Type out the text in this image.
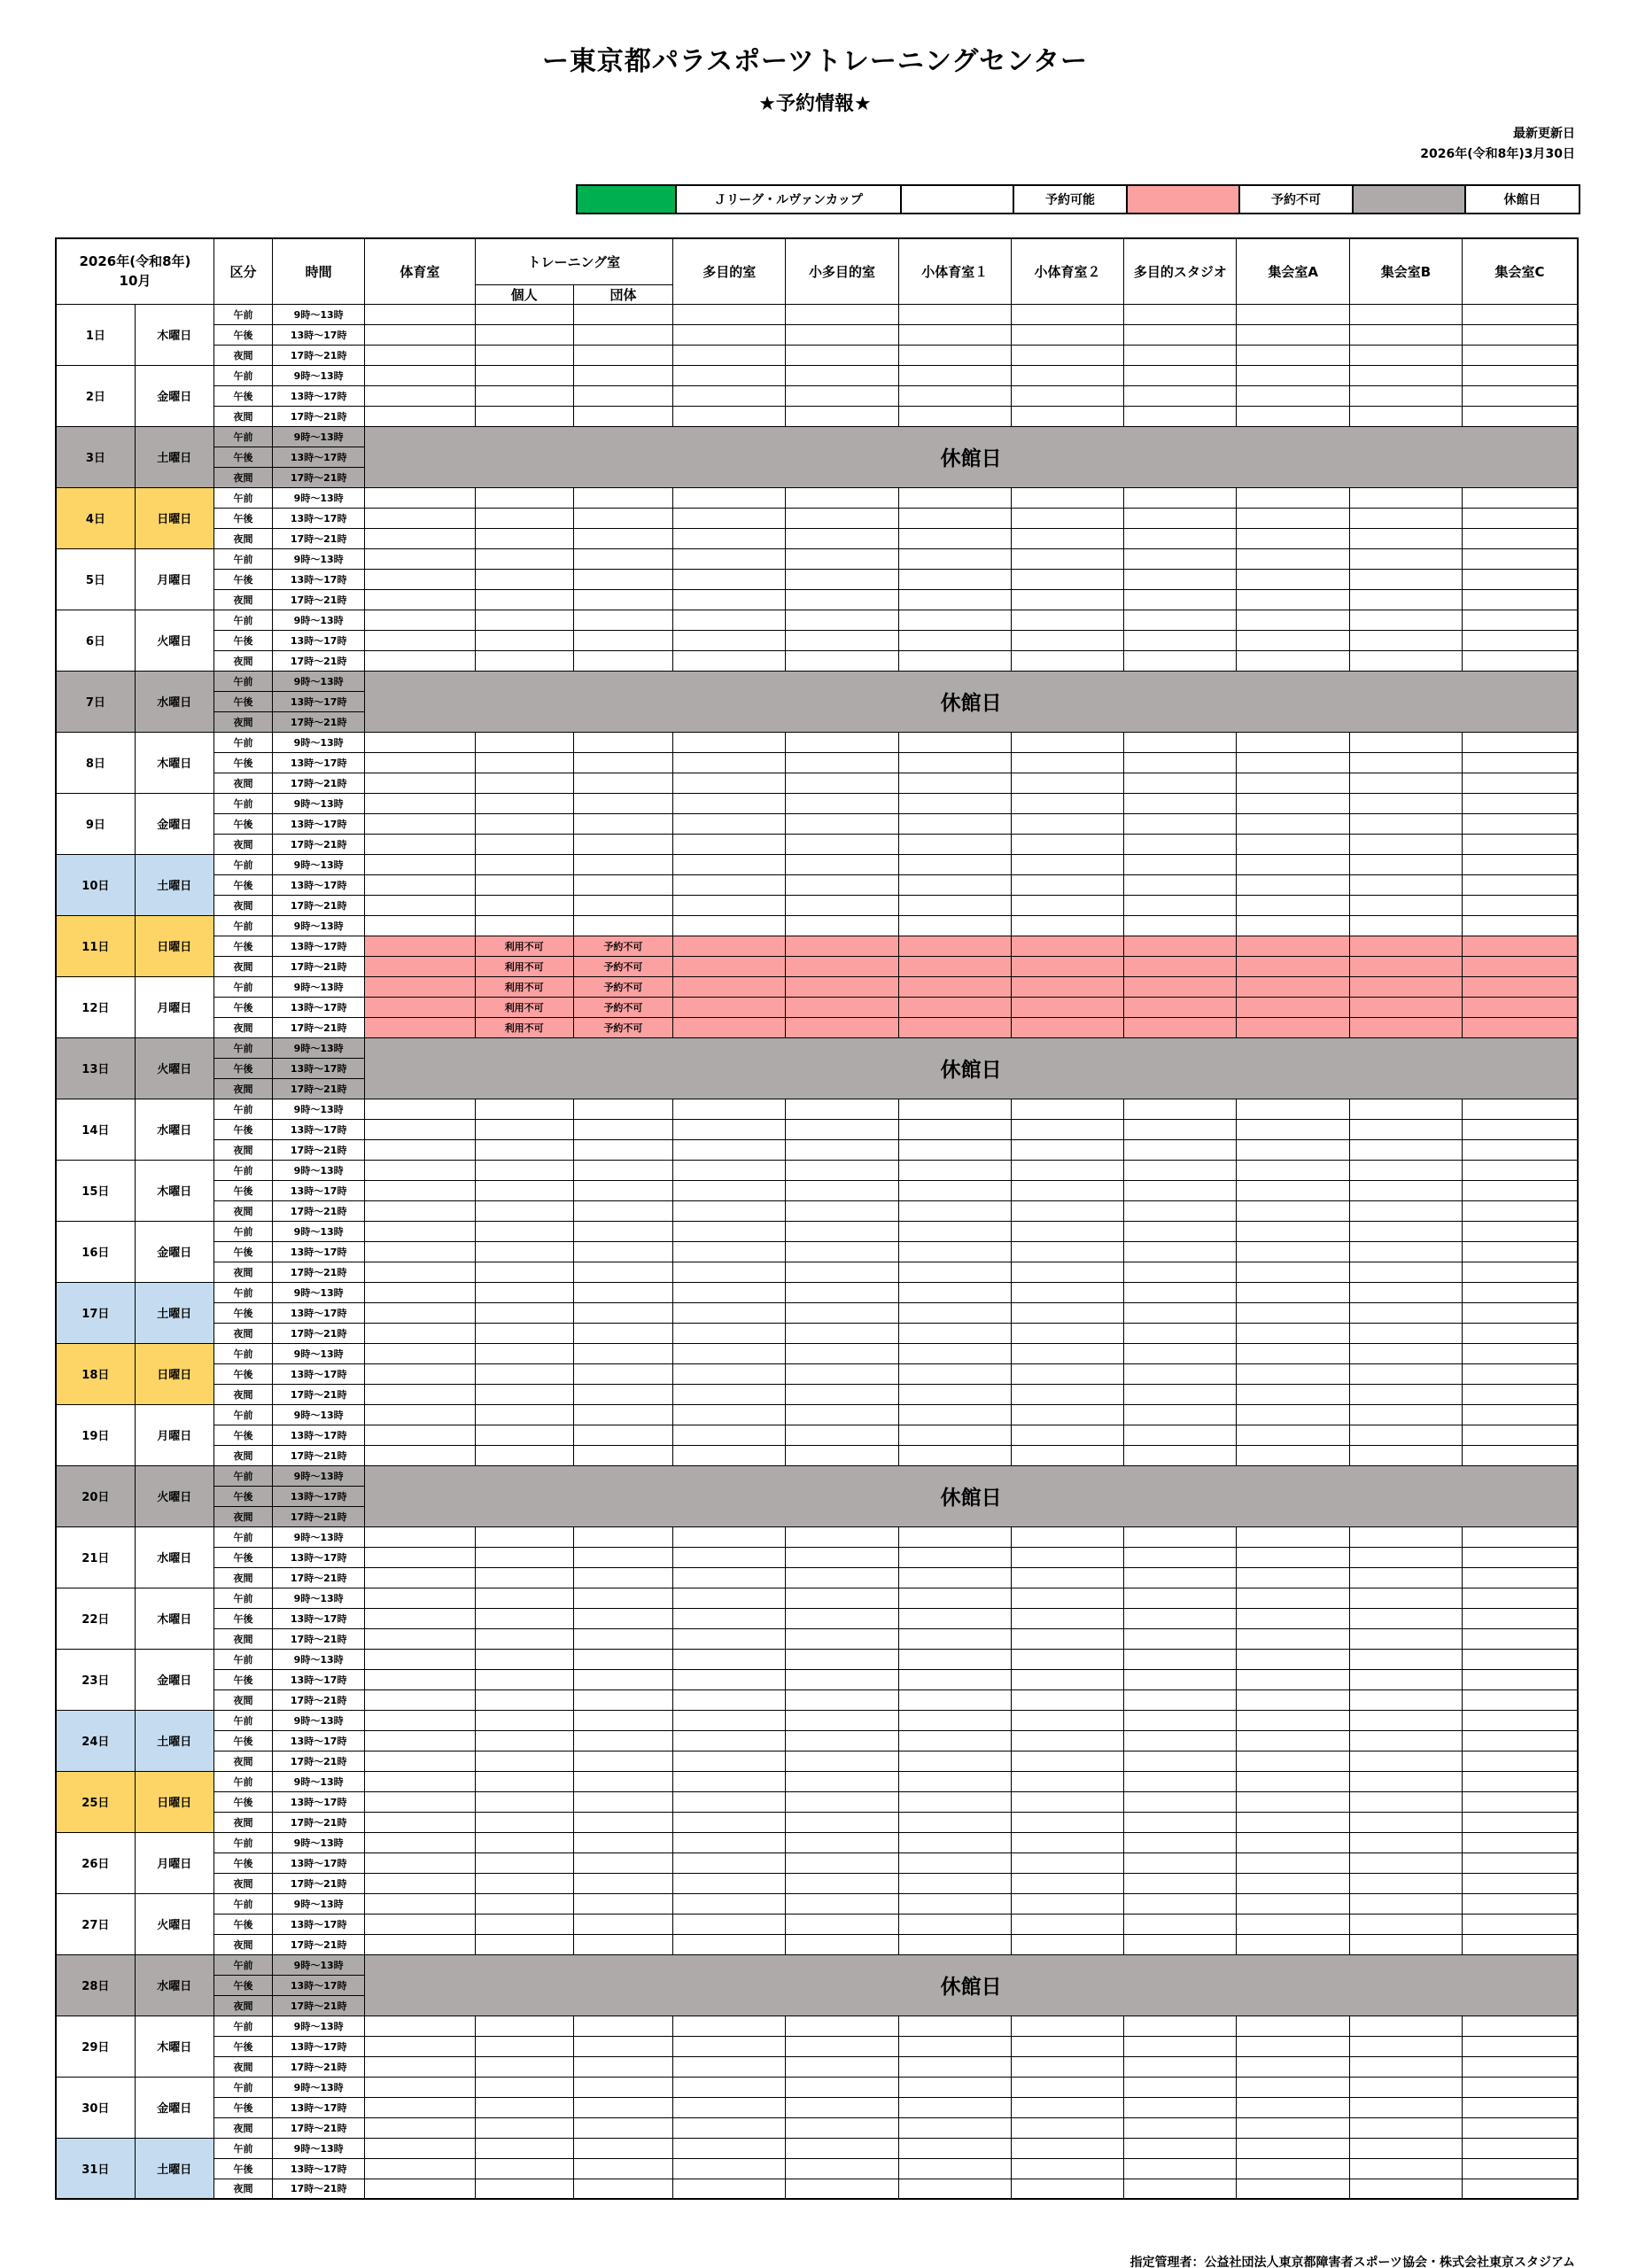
ー東京都パラスポーツトレーニングセンター
★予約情報★
最新更新日
2026年(令和8年)3月30日
	Ｊリーグ・ルヴァンカップ		予約可能		予約不可		休館日
2026年(令和8年)
10月		区分	時間	体育室	トレーニング室		多目的室	小多目的室	小体育室１	小体育室２	多目的スタジオ	集会室A	集会室B	集会室C
					個人	団体								
1日	木曜日	午前	9時～13時											
		午後	13時～17時											
		夜間	17時～21時											
2日	金曜日	午前	9時～13時											
		午後	13時～17時											
		夜間	17時～21時											
3日	土曜日	午前	9時～13時	休館日										
		午後	13時～17時											
		夜間	17時～21時											
4日	日曜日	午前	9時～13時											
		午後	13時～17時											
		夜間	17時～21時											
5日	月曜日	午前	9時～13時											
		午後	13時～17時											
		夜間	17時～21時											
6日	火曜日	午前	9時～13時											
		午後	13時～17時											
		夜間	17時～21時											
7日	水曜日	午前	9時～13時	休館日										
		午後	13時～17時											
		夜間	17時～21時											
8日	木曜日	午前	9時～13時											
		午後	13時～17時											
		夜間	17時～21時											
9日	金曜日	午前	9時～13時											
		午後	13時～17時											
		夜間	17時～21時											
10日	土曜日	午前	9時～13時											
		午後	13時～17時											
		夜間	17時～21時											
11日	日曜日	午前	9時～13時											
		午後	13時～17時		利用不可	予約不可								
		夜間	17時～21時		利用不可	予約不可								
12日	月曜日	午前	9時～13時		利用不可	予約不可								
		午後	13時～17時		利用不可	予約不可								
		夜間	17時～21時		利用不可	予約不可								
13日	火曜日	午前	9時～13時	休館日										
		午後	13時～17時											
		夜間	17時～21時											
14日	水曜日	午前	9時～13時											
		午後	13時～17時											
		夜間	17時～21時											
15日	木曜日	午前	9時～13時											
		午後	13時～17時											
		夜間	17時～21時											
16日	金曜日	午前	9時～13時											
		午後	13時～17時											
		夜間	17時～21時											
17日	土曜日	午前	9時～13時											
		午後	13時～17時											
		夜間	17時～21時											
18日	日曜日	午前	9時～13時											
		午後	13時～17時											
		夜間	17時～21時											
19日	月曜日	午前	9時～13時											
		午後	13時～17時											
		夜間	17時～21時											
20日	火曜日	午前	9時～13時	休館日										
		午後	13時～17時											
		夜間	17時～21時											
21日	水曜日	午前	9時～13時											
		午後	13時～17時											
		夜間	17時～21時											
22日	木曜日	午前	9時～13時											
		午後	13時～17時											
		夜間	17時～21時											
23日	金曜日	午前	9時～13時											
		午後	13時～17時											
		夜間	17時～21時											
24日	土曜日	午前	9時～13時											
		午後	13時～17時											
		夜間	17時～21時											
25日	日曜日	午前	9時～13時											
		午後	13時～17時											
		夜間	17時～21時											
26日	月曜日	午前	9時～13時											
		午後	13時～17時											
		夜間	17時～21時											
27日	火曜日	午前	9時～13時											
		午後	13時～17時											
		夜間	17時～21時											
28日	水曜日	午前	9時～13時	休館日										
		午後	13時～17時											
		夜間	17時～21時											
29日	木曜日	午前	9時～13時											
		午後	13時～17時											
		夜間	17時～21時											
30日	金曜日	午前	9時～13時											
		午後	13時～17時											
		夜間	17時～21時											
31日	土曜日	午前	9時～13時											
		午後	13時～17時											
		夜間	17時～21時											
指定管理者：公益社団法人東京都障害者スポーツ協会・株式会社東京スタジアム
